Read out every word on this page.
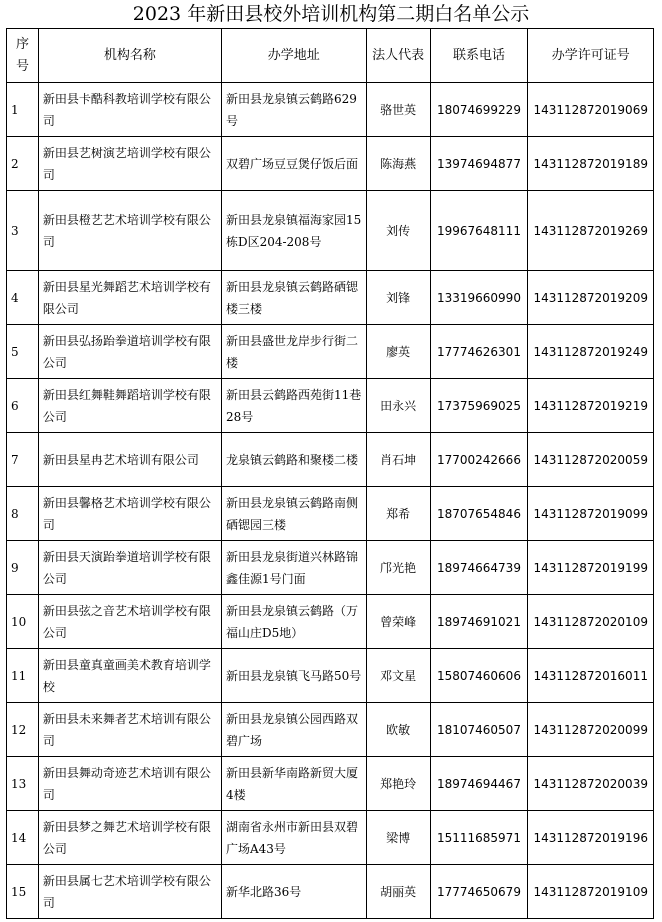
2023 年新田县校外培训机构第二期白名单公示
序号	机构名称	办学地址	法人代表	联系电话	办学许可证号
1	新田县卡酷科教培训学校有限公司	新田县龙泉镇云鹤路629号	骆世英	18074699229	143112872019069
2	新田县艺树演艺培训学校有限公司	双碧广场豆豆煲仔饭后面	陈海燕	13974694877	143112872019189
3	新田县橙艺艺术培训学校有限公司	新田县龙泉镇福海家园15栋D区204-208号	刘传	19967648111	143112872019269
4	新田县星光舞蹈艺术培训学校有限公司	新田县龙泉镇云鹤路硒锶楼三楼	刘锋	13319660990	143112872019209
5	新田县弘扬跆拳道培训学校有限公司	新田县盛世龙岸步行街二楼	廖英	17774626301	143112872019249
6	新田县红舞鞋舞蹈培训学校有限公司	新田县云鹤路西苑街11巷28号	田永兴	17375969025	143112872019219
7	新田县星冉艺术培训有限公司	龙泉镇云鹤路和聚楼二楼	肖石坤	17700242666	143112872020059
8	新田县馨格艺术培训学校有限公司	新田县龙泉镇云鹤路南侧硒锶园三楼	郑希	18707654846	143112872019099
9	新田县天演跆拳道培训学校有限公司	新田县龙泉街道兴林路锦鑫佳源1号门面	邝光艳	18974664739	143112872019199
10	新田县弦之音艺术培训学校有限公司	新田县龙泉镇云鹤路（万福山庄D5地）	曾荣峰	18974691021	143112872020109
11	新田县童真童画美术教育培训学校	新田县龙泉镇飞马路50号	邓文星	15807460606	143112872016011
12	新田县未来舞者艺术培训有限公司	新田县龙泉镇公园西路双碧广场	欧敏	18107460507	143112872020099
13	新田县舞动奇迹艺术培训有限公司	新田县新华南路新贸大厦4楼	郑艳玲	18974694467	143112872020039
14	新田县梦之舞艺术培训学校有限公司	湖南省永州市新田县双碧广场A43号	梁博	15111685971	143112872019196
15	新田县属七艺术培训学校有限公司	新华北路36号	胡丽英	17774650679	143112872019109
